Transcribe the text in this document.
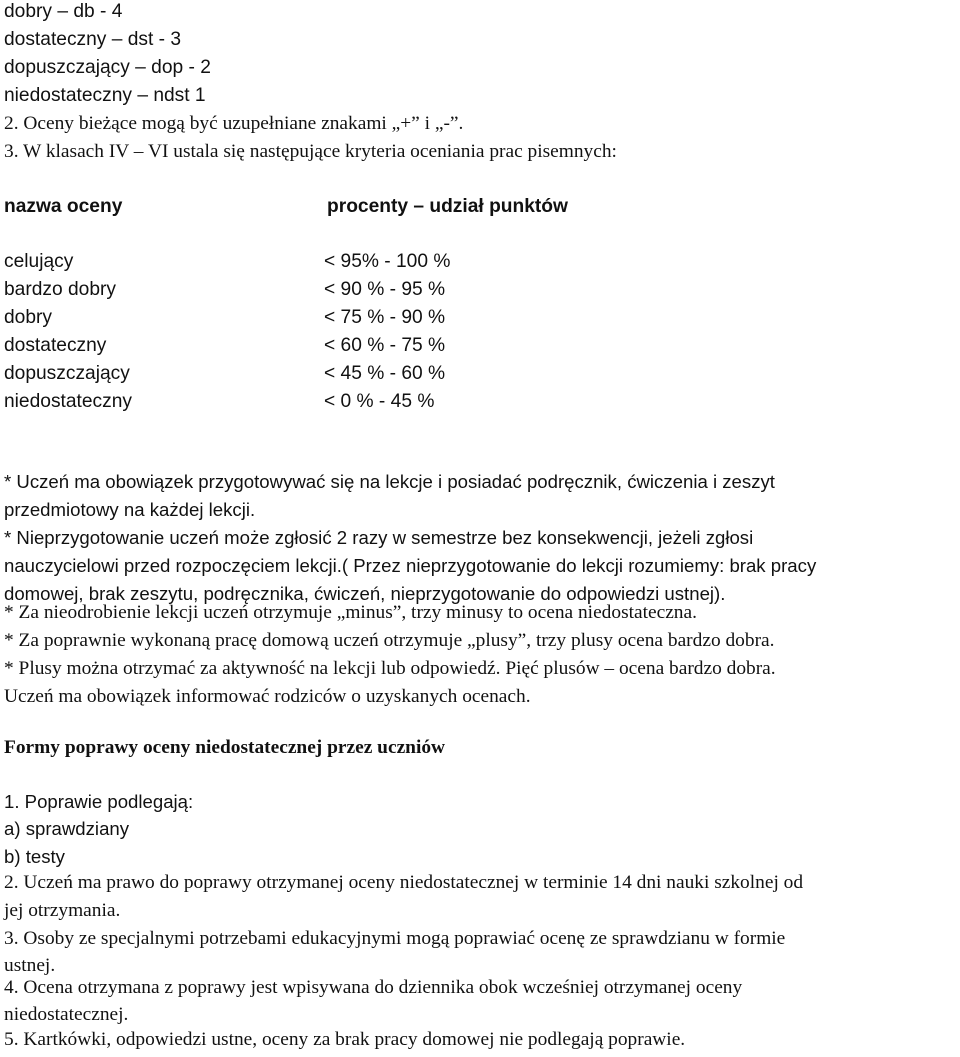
dobry – db - 4
dostateczny – dst - 3
dopuszczający – dop - 2
niedostateczny – ndst 1
2. Oceny bieżące mogą być uzupełniane znakami „+” i „-”.
3. W klasach IV – VI ustala się następujące kryteria oceniania prac pisemnych:
nazwa oceny	procenty – udział punktów
celujący	< 95% - 100 %
bardzo dobry	< 90 % - 95 %
dobry	< 75 % - 90 %
dostateczny	< 60 % - 75 %
dopuszczający	< 45 % - 60 %
niedostateczny	< 0 % - 45 %
* Uczeń ma obowiązek przygotowywać się na lekcje i posiadać podręcznik, ćwiczenia i zeszyt
przedmiotowy na każdej lekcji.
* Nieprzygotowanie uczeń może zgłosić 2 razy w semestrze bez konsekwencji, jeżeli zgłosi
nauczycielowi przed rozpoczęciem lekcji.( Przez nieprzygotowanie do lekcji rozumiemy: brak pracy
domowej, brak zeszytu, podręcznika, ćwiczeń, nieprzygotowanie do odpowiedzi ustnej).
* Za nieodrobienie lekcji uczeń otrzymuje „minus”, trzy minusy to ocena niedostateczna.
* Za poprawnie wykonaną pracę domową uczeń otrzymuje „plusy”, trzy plusy ocena bardzo dobra.
* Plusy można otrzymać za aktywność na lekcji lub odpowiedź. Pięć plusów – ocena bardzo dobra.
Uczeń ma obowiązek informować rodziców o uzyskanych ocenach.
Formy poprawy oceny niedostatecznej przez uczniów
1. Poprawie podlegają:
a) sprawdziany
b) testy
2. Uczeń ma prawo do poprawy otrzymanej oceny niedostatecznej w terminie 14 dni nauki szkolnej od
jej otrzymania.
3. Osoby ze specjalnymi potrzebami edukacyjnymi mogą poprawiać ocenę ze sprawdzianu w formie
ustnej.
4. Ocena otrzymana z poprawy jest wpisywana do dziennika obok wcześniej otrzymanej oceny
niedostatecznej.
5. Kartkówki, odpowiedzi ustne, oceny za brak pracy domowej nie podlegają poprawie.
